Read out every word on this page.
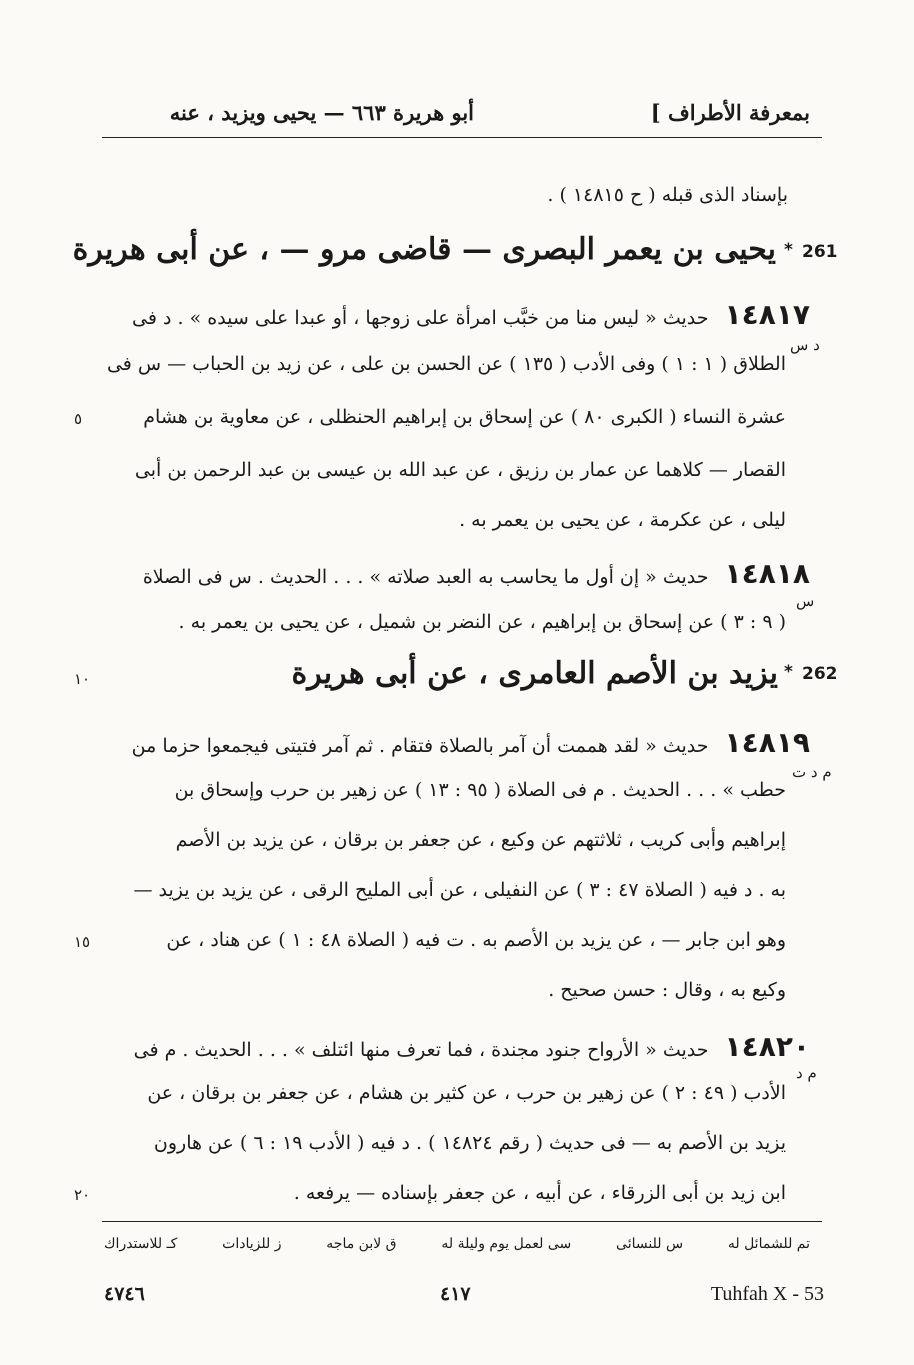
بمعرفة الأطراف ]
أبو هريرة ٦٦٣ — يحيى ويزيد ، عنه
بإسناد الذى قبله ( ح ١٤٨١٥ ) .
261
*
يحيى بن يعمر البصرى — قاضى مرو — ، عن أبى هريرة
١٤٨١٧ حديث « ليس منا من خبَّب امرأة على زوجها ، أو عبدا على سيده » . د فى
د س
الطلاق ( ١ : ١ ) وفى الأدب ( ١٣٥ ) عن الحسن بن على ، عن زيد بن الحباب — س فى
عشرة النساء ( الكبرى ٨٠ ) عن إسحاق بن إبراهيم الحنظلى ، عن معاوية بن هشام
٥
القصار — كلاهما عن عمار بن رزيق ، عن عبد الله بن عيسى بن عبد الرحمن بن أبى
ليلى ، عن عكرمة ، عن يحيى بن يعمر به .
١٤٨١٨ حديث « إن أول ما يحاسب به العبد صلاته » . . . الحديث . س فى الصلاة
س
( ٩ : ٣ ) عن إسحاق بن إبراهيم ، عن النضر بن شميل ، عن يحيى بن يعمر به .
262
*
يزيد بن الأصم العامرى ، عن أبى هريرة
١٠
١٤٨١٩ حديث « لقد هممت أن آمر بالصلاة فتقام . ثم آمر فتيتى فيجمعوا حزما من
م د ت
حطب » . . . الحديث . م فى الصلاة ( ٩٥ : ١٣ ) عن زهير بن حرب وإسحاق بن
إبراهيم وأبى كريب ، ثلاثتهم عن وكيع ، عن جعفر بن برقان ، عن يزيد بن الأصم
به . د فيه ( الصلاة ٤٧ : ٣ ) عن النفيلى ، عن أبى المليح الرقى ، عن يزيد بن يزيد —
وهو ابن جابر — ، عن يزيد بن الأصم به . ت فيه ( الصلاة ٤٨ : ١ ) عن هناد ، عن
١٥
وكيع به ، وقال : حسن صحيح .
١٤٨٢٠ حديث « الأرواح جنود مجندة ، فما تعرف منها ائتلف » . . . الحديث . م فى
م د
الأدب ( ٤٩ : ٢ ) عن زهير بن حرب ، عن كثير بن هشام ، عن جعفر بن برقان ، عن
يزيد بن الأصم به — فى حديث ( رقم ١٤٨٢٤ ) . د فيه ( الأدب ١٩ : ٦ ) عن هارون
ابن زيد بن أبى الزرقاء ، عن أبيه ، عن جعفر بإسناده — يرفعه .
٢٠
تم للشمائل له
س للنسائى
سى لعمل يوم وليلة له
ق لابن ماجه
ز للزيادات
كـ للاستدراك
Tuhfah X - 53
٤١٧
٤٧٤٦
